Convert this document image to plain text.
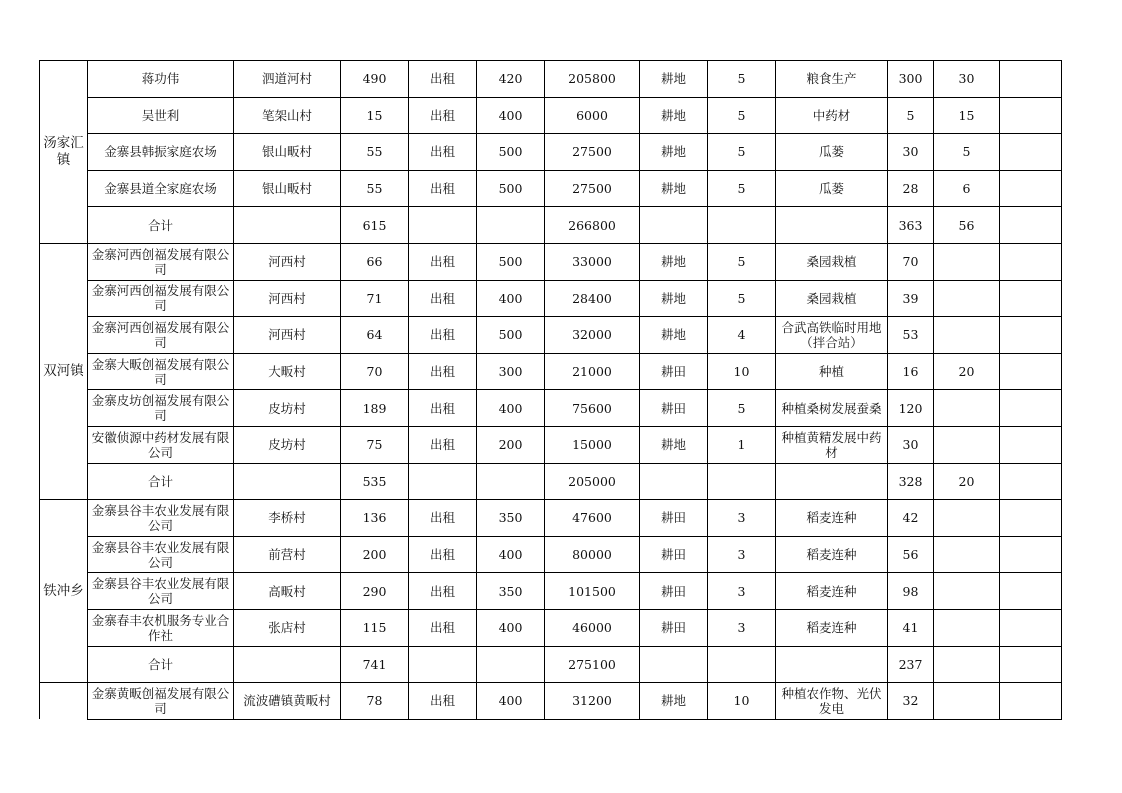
汤家汇镇	蒋功伟	泗道河村	490	出租	420	205800	耕地	5	粮食生产	300	30	
	吴世利	笔架山村	15	出租	400	6000	耕地	5	中药材	5	15	
	金寨县韩振家庭农场	银山畈村	55	出租	500	27500	耕地	5	瓜蒌	30	5	
	金寨县道全家庭农场	银山畈村	55	出租	500	27500	耕地	5	瓜蒌	28	6	
	合计		615			266800				363	56	
双河镇	金寨河西创福发展有限公司	河西村	66	出租	500	33000	耕地	5	桑园栽植	70		
	金寨河西创福发展有限公司	河西村	71	出租	400	28400	耕地	5	桑园栽植	39		
	金寨河西创福发展有限公司	河西村	64	出租	500	32000	耕地	4	合武高铁临时用地（拌合站）	53		
	金寨大畈创福发展有限公司	大畈村	70	出租	300	21000	耕田	10	种植	16	20	
	金寨皮坊创福发展有限公司	皮坊村	189	出租	400	75600	耕田	5	种植桑树发展蚕桑	120		
	安徽侦源中药材发展有限公司	皮坊村	75	出租	200	15000	耕地	1	种植黄精发展中药材	30		
	合计		535			205000				328	20	
铁冲乡	金寨县谷丰农业发展有限公司	李桥村	136	出租	350	47600	耕田	3	稻麦连种	42		
	金寨县谷丰农业发展有限公司	前营村	200	出租	400	80000	耕田	3	稻麦连种	56		
	金寨县谷丰农业发展有限公司	高畈村	290	出租	350	101500	耕田	3	稻麦连种	98		
	金寨春丰农机服务专业合作社	张店村	115	出租	400	46000	耕田	3	稻麦连种	41		
	合计		741			275100				237		
	金寨黄畈创福发展有限公司	流波𥕢镇黄畈村	78	出租	400	31200	耕地	10	种植农作物、光伏发电	32		
